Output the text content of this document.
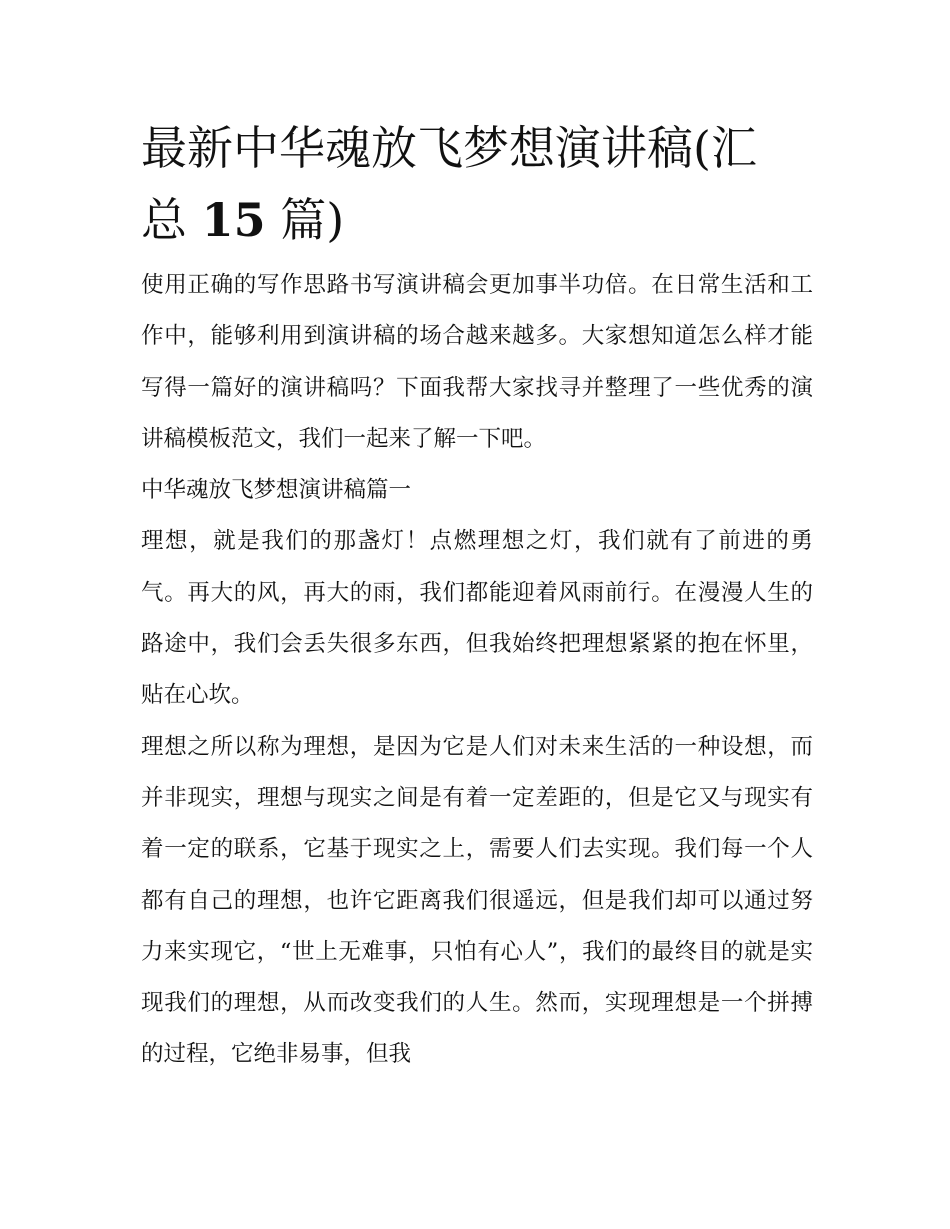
最新中华魂放飞梦想演讲稿(汇
总 15 篇)

使用正确的写作思路书写演讲稿会更加事半功倍。在日常生活和工作中，能够利用到演讲稿的场合越来越多。大家想知道怎么样才能写得一篇好的演讲稿吗？下面我帮大家找寻并整理了一些优秀的演讲稿模板范文，我们一起来了解一下吧。

中华魂放飞梦想演讲稿篇一

理想，就是我们的那盏灯！点燃理想之灯，我们就有了前进的勇气。再大的风，再大的雨，我们都能迎着风雨前行。在漫漫人生的路途中，我们会丢失很多东西，但我始终把理想紧紧的抱在怀里，贴在心坎。

理想之所以称为理想，是因为它是人们对未来生活的一种设想，而并非现实，理想与现实之间是有着一定差距的，但是它又与现实有着一定的联系，它基于现实之上，需要人们去实现。我们每一个人都有自己的理想，也许它距离我们很遥远，但是我们却可以通过努力来实现它，“世上无难事，只怕有心人”，我们的最终目的就是实现我们的理想，从而改变我们的人生。然而，实现理想是一个拼搏的过程，它绝非易事，但我
